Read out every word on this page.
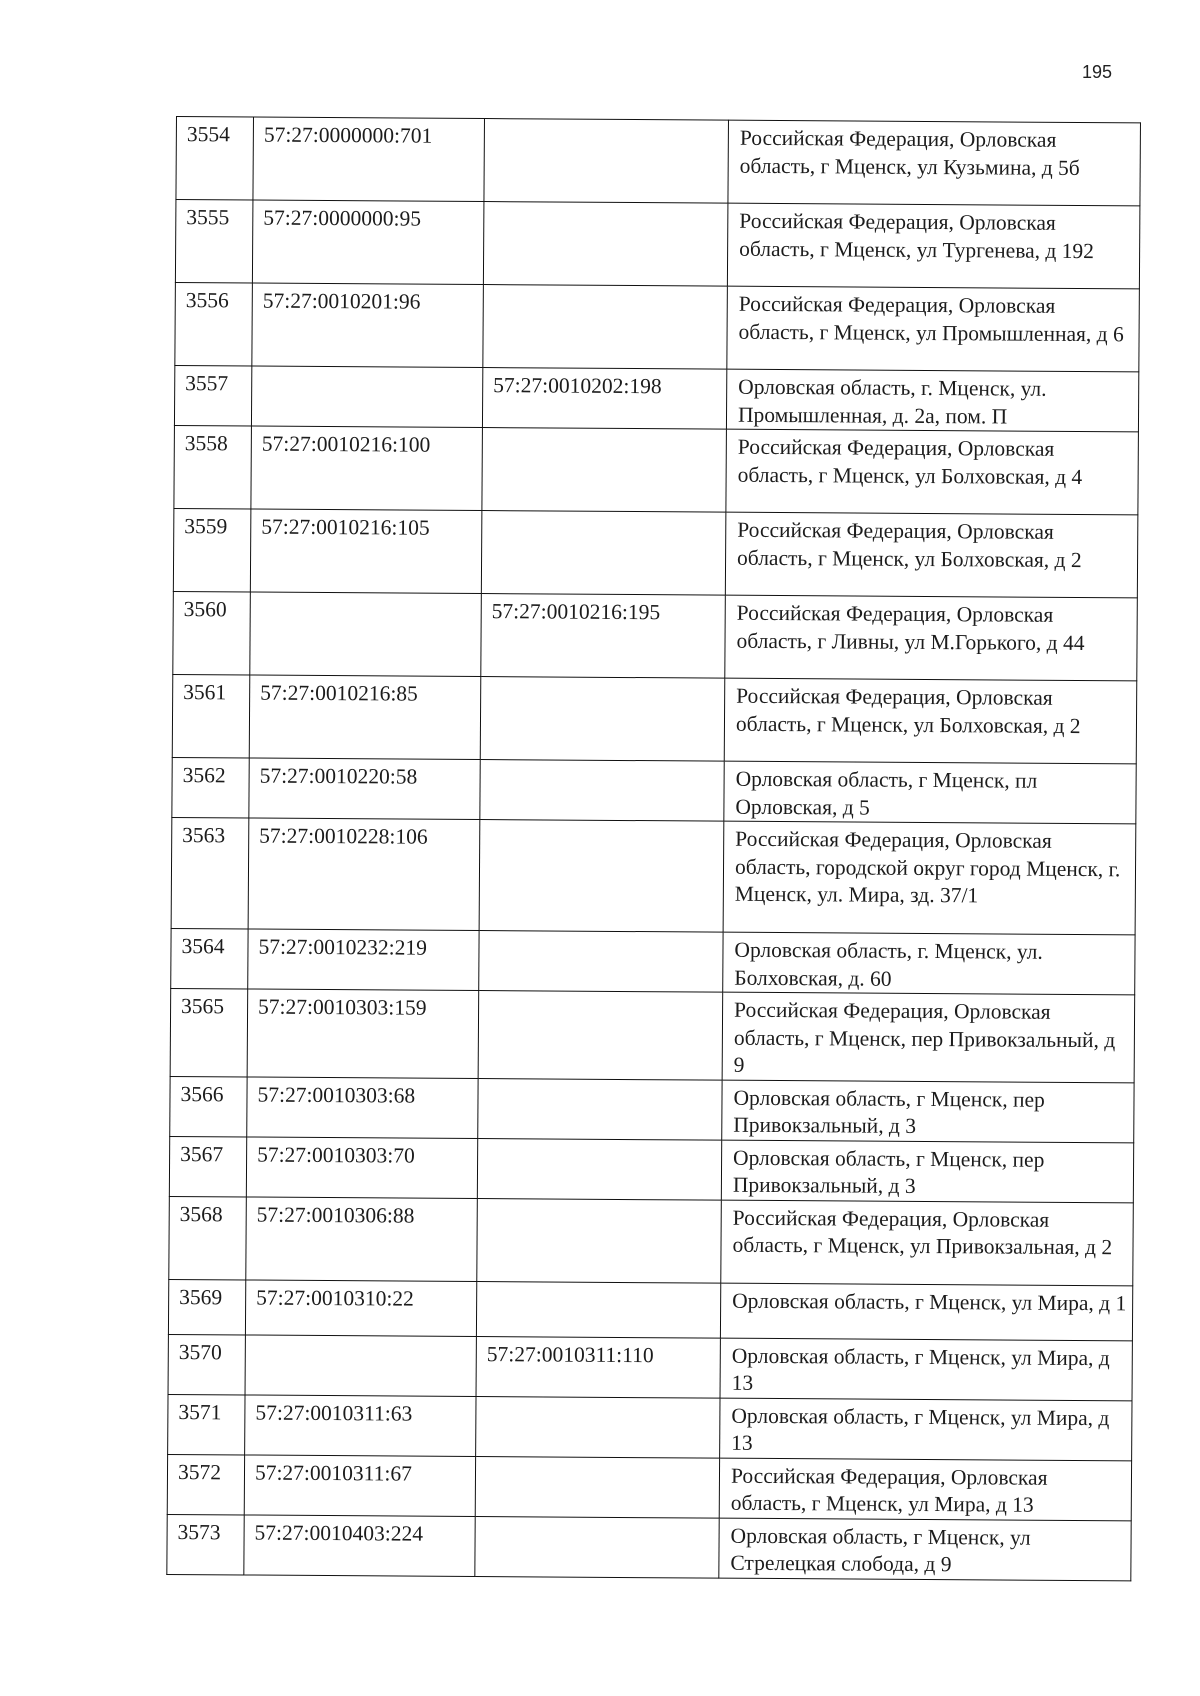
195
3554	57:27:0000000:701		Российская Федерация, Орловская область, г Мценск, ул Кузьмина, д 5б
3555	57:27:0000000:95		Российская Федерация, Орловская область, г Мценск, ул Тургенева, д 192
3556	57:27:0010201:96		Российская Федерация, Орловская область, г Мценск, ул Промышленная, д 6
3557		57:27:0010202:198	Орловская область, г. Мценск, ул. Промышленная, д. 2а, пом. П
3558	57:27:0010216:100		Российская Федерация, Орловская область, г Мценск, ул Болховская, д 4
3559	57:27:0010216:105		Российская Федерация, Орловская область, г Мценск, ул Болховская, д 2
3560		57:27:0010216:195	Российская Федерация, Орловская область, г Ливны, ул М.Горького, д 44
3561	57:27:0010216:85		Российская Федерация, Орловская область, г Мценск, ул Болховская, д 2
3562	57:27:0010220:58		Орловская область, г Мценск, пл Орловская, д 5
3563	57:27:0010228:106		Российская Федерация, Орловская область, городской округ город Мценск, г. Мценск, ул. Мира, зд. 37/1
3564	57:27:0010232:219		Орловская область, г. Мценск, ул. Болховская, д. 60
3565	57:27:0010303:159		Российская Федерация, Орловская область, г Мценск, пер Привокзальный, д 9
3566	57:27:0010303:68		Орловская область, г Мценск, пер Привокзальный, д 3
3567	57:27:0010303:70		Орловская область, г Мценск, пер Привокзальный, д 3
3568	57:27:0010306:88		Российская Федерация, Орловская область, г Мценск, ул Привокзальная, д 2
3569	57:27:0010310:22		Орловская область, г Мценск, ул Мира, д 1
3570		57:27:0010311:110	Орловская область, г Мценск, ул Мира, д 13
3571	57:27:0010311:63		Орловская область, г Мценск, ул Мира, д 13
3572	57:27:0010311:67		Российская Федерация, Орловская область, г Мценск, ул Мира, д 13
3573	57:27:0010403:224		Орловская область, г Мценск, ул Стрелецкая слобода, д 9
